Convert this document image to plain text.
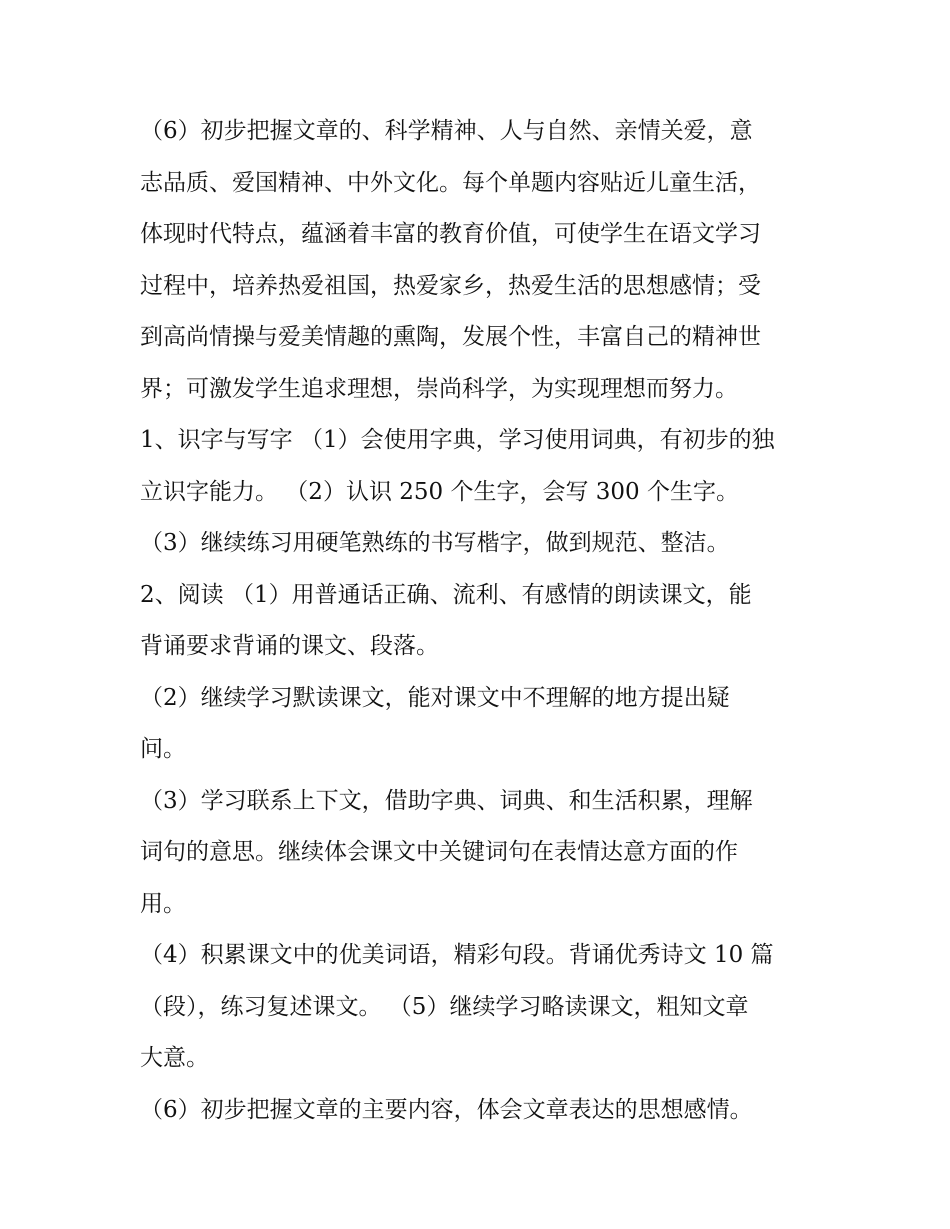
（6）初步把握文章的、科学精神、人与自然、亲情关爱，意
志品质、爱国精神、中外文化。每个单题内容贴近儿童生活，
体现时代特点，蕴涵着丰富的教育价值，可使学生在语文学习
过程中，培养热爱祖国，热爱家乡，热爱生活的思想感情；受
到高尚情操与爱美情趣的熏陶，发展个性，丰富自己的精神世
界；可激发学生追求理想，崇尚科学，为实现理想而努力。
1、识字与写字 （1）会使用字典，学习使用词典，有初步的独
立识字能力。 （2）认识 250 个生字，会写 300 个生字。
（3）继续练习用硬笔熟练的书写楷字，做到规范、整洁。
2、阅读 （1）用普通话正确、流利、有感情的朗读课文，能
背诵要求背诵的课文、段落。
（2）继续学习默读课文，能对课文中不理解的地方提出疑
问。
（3）学习联系上下文，借助字典、词典、和生活积累，理解
词句的意思。继续体会课文中关键词句在表情达意方面的作
用。
（4）积累课文中的优美词语，精彩句段。背诵优秀诗文 10 篇
（段），练习复述课文。 （5）继续学习略读课文，粗知文章
大意。
（6）初步把握文章的主要内容，体会文章表达的思想感情。
